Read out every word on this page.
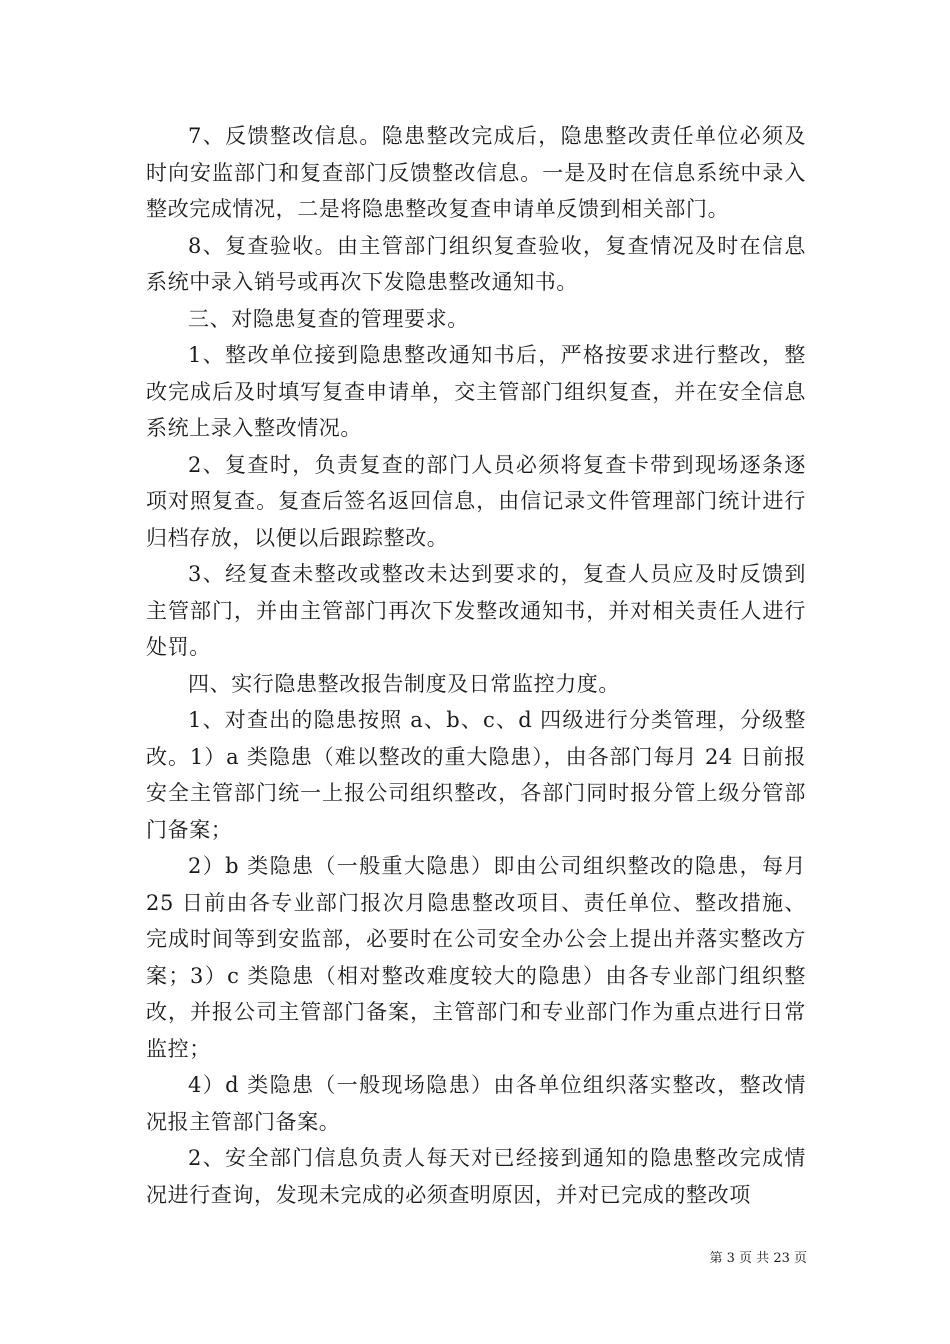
7、反馈整改信息。隐患整改完成后，隐患整改责任单位必须及时向安监部门和复查部门反馈整改信息。一是及时在信息系统中录入整改完成情况，二是将隐患整改复查申请单反馈到相关部门。

8、复查验收。由主管部门组织复查验收，复查情况及时在信息系统中录入销号或再次下发隐患整改通知书。

三、对隐患复查的管理要求。

1、整改单位接到隐患整改通知书后，严格按要求进行整改，整改完成后及时填写复查申请单，交主管部门组织复查，并在安全信息系统上录入整改情况。

2、复查时，负责复查的部门人员必须将复查卡带到现场逐条逐项对照复查。复查后签名返回信息，由信记录文件管理部门统计进行归档存放，以便以后跟踪整改。

3、经复查未整改或整改未达到要求的，复查人员应及时反馈到主管部门，并由主管部门再次下发整改通知书，并对相关责任人进行处罚。

四、实行隐患整改报告制度及日常监控力度。

1、对查出的隐患按照 a、b、c、d 四级进行分类管理，分级整改。1）a 类隐患（难以整改的重大隐患），由各部门每月 24 日前报安全主管部门统一上报公司组织整改，各部门同时报分管上级分管部门备案；

2）b 类隐患（一般重大隐患）即由公司组织整改的隐患，每月 25 日前由各专业部门报次月隐患整改项目、责任单位、整改措施、完成时间等到安监部，必要时在公司安全办公会上提出并落实整改方案；3）c 类隐患（相对整改难度较大的隐患）由各专业部门组织整改，并报公司主管部门备案，主管部门和专业部门作为重点进行日常监控；

4）d 类隐患（一般现场隐患）由各单位组织落实整改，整改情况报主管部门备案。

2、安全部门信息负责人每天对已经接到通知的隐患整改完成情况进行查询，发现未完成的必须查明原因，并对已完成的整改项

第 3 页 共 23 页
